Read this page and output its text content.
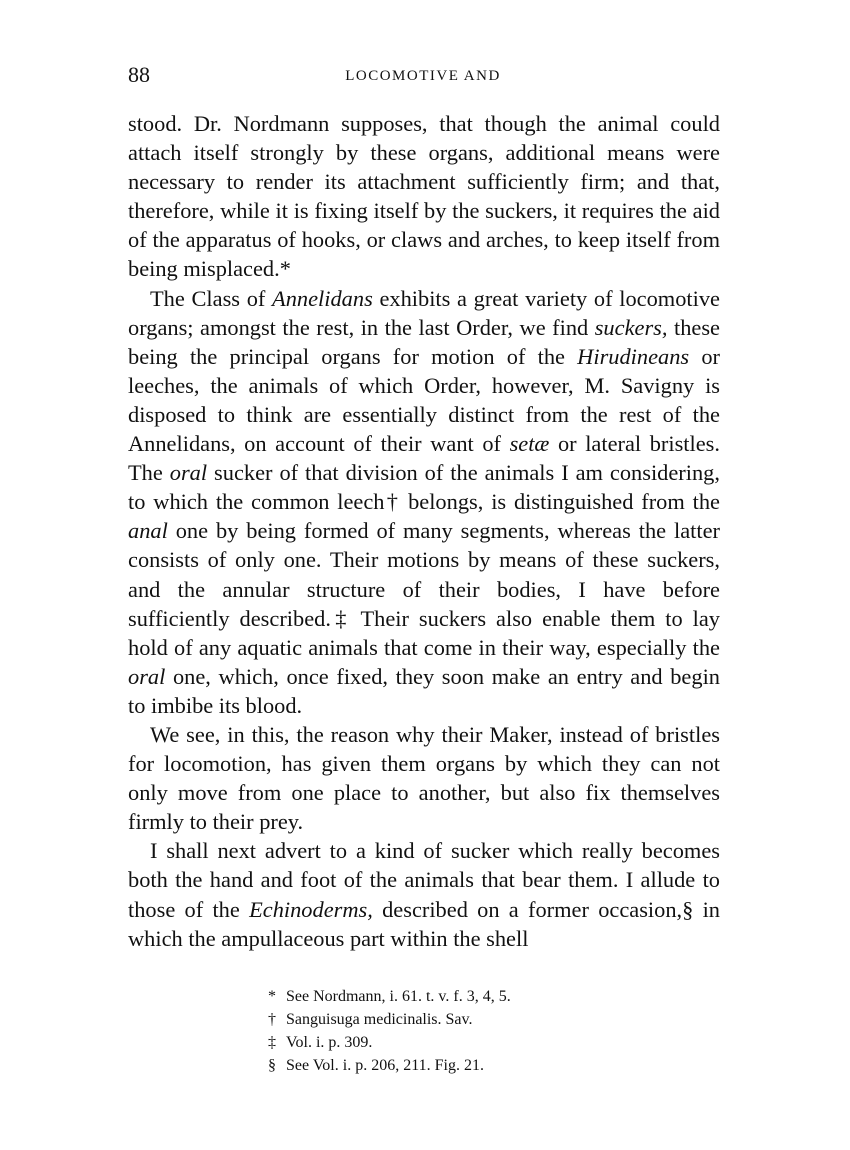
88	LOCOMOTIVE AND

stood. Dr. Nordmann supposes, that though the animal could attach itself strongly by these organs, additional means were necessary to render its attachment sufficiently firm; and that, therefore, while it is fixing itself by the suckers, it requires the aid of the apparatus of hooks, or claws and arches, to keep itself from being misplaced.*

The Class of Annelidans exhibits a great variety of locomotive organs; amongst the rest, in the last Order, we find suckers, these being the principal organs for motion of the Hirudineans or leeches, the animals of which Order, however, M. Savigny is disposed to think are essentially distinct from the rest of the Annelidans, on account of their want of setæ or lateral bristles. The oral sucker of that division of the animals I am considering, to which the common leech† belongs, is distinguished from the anal one by being formed of many segments, whereas the latter consists of only one. Their motions by means of these suckers, and the annular structure of their bodies, I have before sufficiently described.‡ Their suckers also enable them to lay hold of any aquatic animals that come in their way, especially the oral one, which, once fixed, they soon make an entry and begin to imbibe its blood.

We see, in this, the reason why their Maker, instead of bristles for locomotion, has given them organs by which they can not only move from one place to another, but also fix themselves firmly to their prey.

I shall next advert to a kind of sucker which really becomes both the hand and foot of the animals that bear them. I allude to those of the Echinoderms, described on a former occasion,§ in which the ampullaceous part within the shell

* See Nordmann, i. 61. t. v. f. 3, 4, 5.
† Sanguisuga medicinalis. Sav.
‡ Vol. i. p. 309.
§ See Vol. i. p. 206, 211. Fig. 21.
